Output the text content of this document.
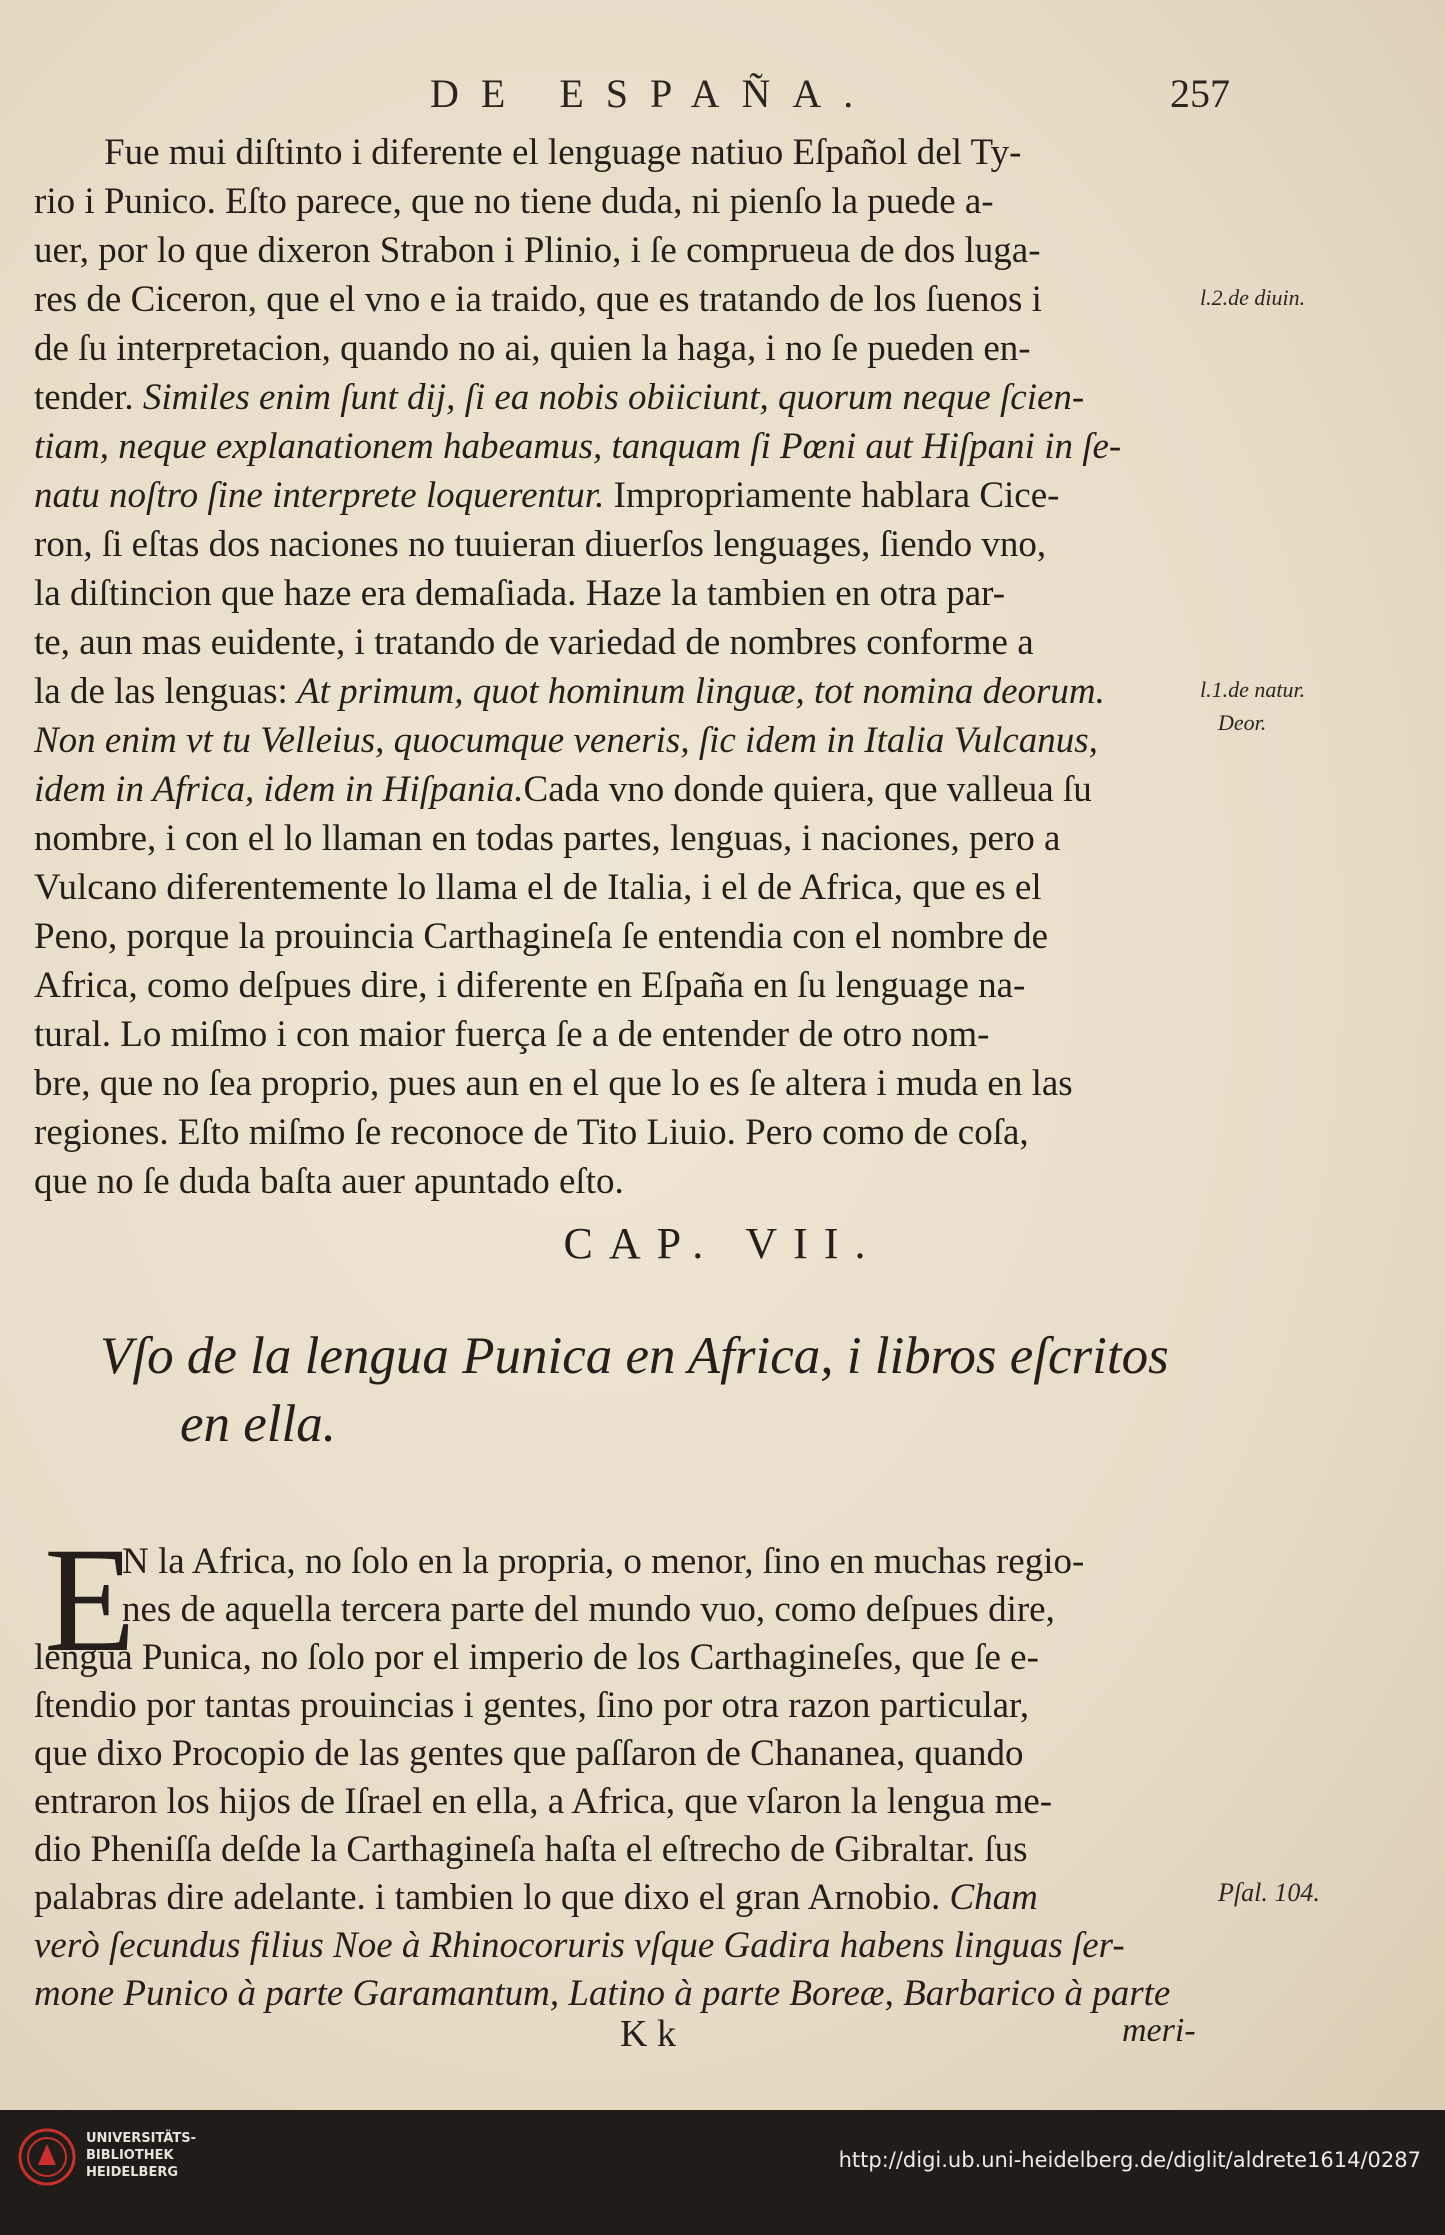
DE ESPAÑA.	257
Fue mui diſtinto i diferente el lenguage natiuo Eſpañol del Ty-
rio i Punico. Eſto parece, que no tiene duda, ni pienſo la puede a-
uer, por lo que dixeron Strabon i Plinio, i ſe comprueua de dos luga-
res de Ciceron, que el vno e ia traido, que es tratando de los ſuenos i
de ſu interpretacion, quando no ai, quien la haga, i no ſe pueden en-
tender. Similes enim ſunt dij, ſi ea nobis obiiciunt, quorum neque ſcien-
tiam, neque explanationem habeamus, tanquam ſi Pœni aut Hiſpani in ſe-
natu noſtro ſine interprete loquerentur. Impropriamente hablara Cice-
ron, ſi eſtas dos naciones no tuuieran diuerſos lenguages, ſiendo vno,
la diſtincion que haze era demaſiada. Haze la tambien en otra par-
te, aun mas euidente, i tratando de variedad de nombres conforme a
la de las lenguas: At primum, quot hominum linguæ, tot nomina deorum.
Non enim vt tu Velleius, quocumque veneris, ſic idem in Italia Vulcanus,
idem in Africa, idem in Hiſpania.Cada vno donde quiera, que valleua ſu
nombre, i con el lo llaman en todas partes, lenguas, i naciones, pero a
Vulcano diferentemente lo llama el de Italia, i el de Africa, que es el
Peno, porque la prouincia Carthagineſa ſe entendia con el nombre de
Africa, como deſpues dire, i diferente en Eſpaña en ſu lenguage na-
tural. Lo miſmo i con maior fuerça ſe a de entender de otro nom-
bre, que no ſea proprio, pues aun en el que lo es ſe altera i muda en las
regiones. Eſto miſmo ſe reconoce de Tito Liuio. Pero como de coſa,
que no ſe duda baſta auer apuntado eſto.
l.2.de diuin.
l.1.de natur.
Deor.
CAP. VII.
Vſo de la lengua Punica en Africa, i libros eſcritos
en ella.
E
N la Africa, no ſolo en la propria, o menor, ſino en muchas regio-
nes de aquella tercera parte del mundo vuo, como deſpues dire,
lengua Punica, no ſolo por el imperio de los Carthagineſes, que ſe e-
ſtendio por tantas prouincias i gentes, ſino por otra razon particular,
que dixo Procopio de las gentes que paſſaron de Chananea, quando
entraron los hijos de Iſrael en ella, a Africa, que vſaron la lengua me-
dio Pheniſſa deſde la Carthagineſa haſta el eſtrecho de Gibraltar. ſus
palabras dire adelante. i tambien lo que dixo el gran Arnobio. Cham
verò ſecundus filius Noe à Rhinocoruris vſque Gadira habens linguas ſer-
mone Punico à parte Garamantum, Latino à parte Boreæ, Barbarico à parte
Pſal. 104.
K k	meri-
UNIVERSITÄTS-
BIBLIOTHEK
HEIDELBERG
http://digi.ub.uni-heidelberg.de/diglit/aldrete1614/0287
